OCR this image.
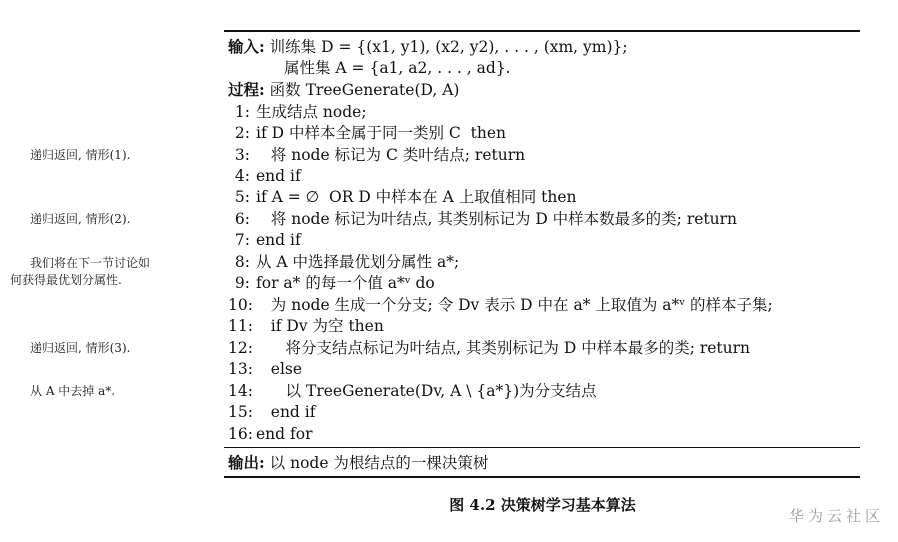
输入: 训练集 D = {(x1, y1), (x2, y2), . . . , (xm, ym)};
属性集 A = {a1, a2, . . . , ad}.
过程: 函数 TreeGenerate(D, A)
1: 生成结点 node;
2: if D 中样本全属于同一类别 C  then
3:   将 node 标记为 C 类叶结点; return
4: end if
5: if A = ∅  OR D 中样本在 A 上取值相同 then
6:   将 node 标记为叶结点, 其类别标记为 D 中样本数最多的类; return
7: end if
8: 从 A 中选择最优划分属性 a*;
9: for a* 的每一个值 a*ᵛ do
10:   为 node 生成一个分支; 令 Dv 表示 D 中在 a* 上取值为 a*ᵛ 的样本子集;
11:   if Dv 为空 then
12:      将分支结点标记为叶结点, 其类别标记为 D 中样本最多的类; return
13:   else
14:      以 TreeGenerate(Dv, A \ {a*})为分支结点
15:   end if
16: end for
输出: 以 node 为根结点的一棵决策树
递归返回, 情形(1).
递归返回, 情形(2).
我们将在下一节讨论如
何获得最优划分属性.
递归返回, 情形(3).
从 A 中去掉 a*.
图 4.2 决策树学习基本算法
华为云社区
